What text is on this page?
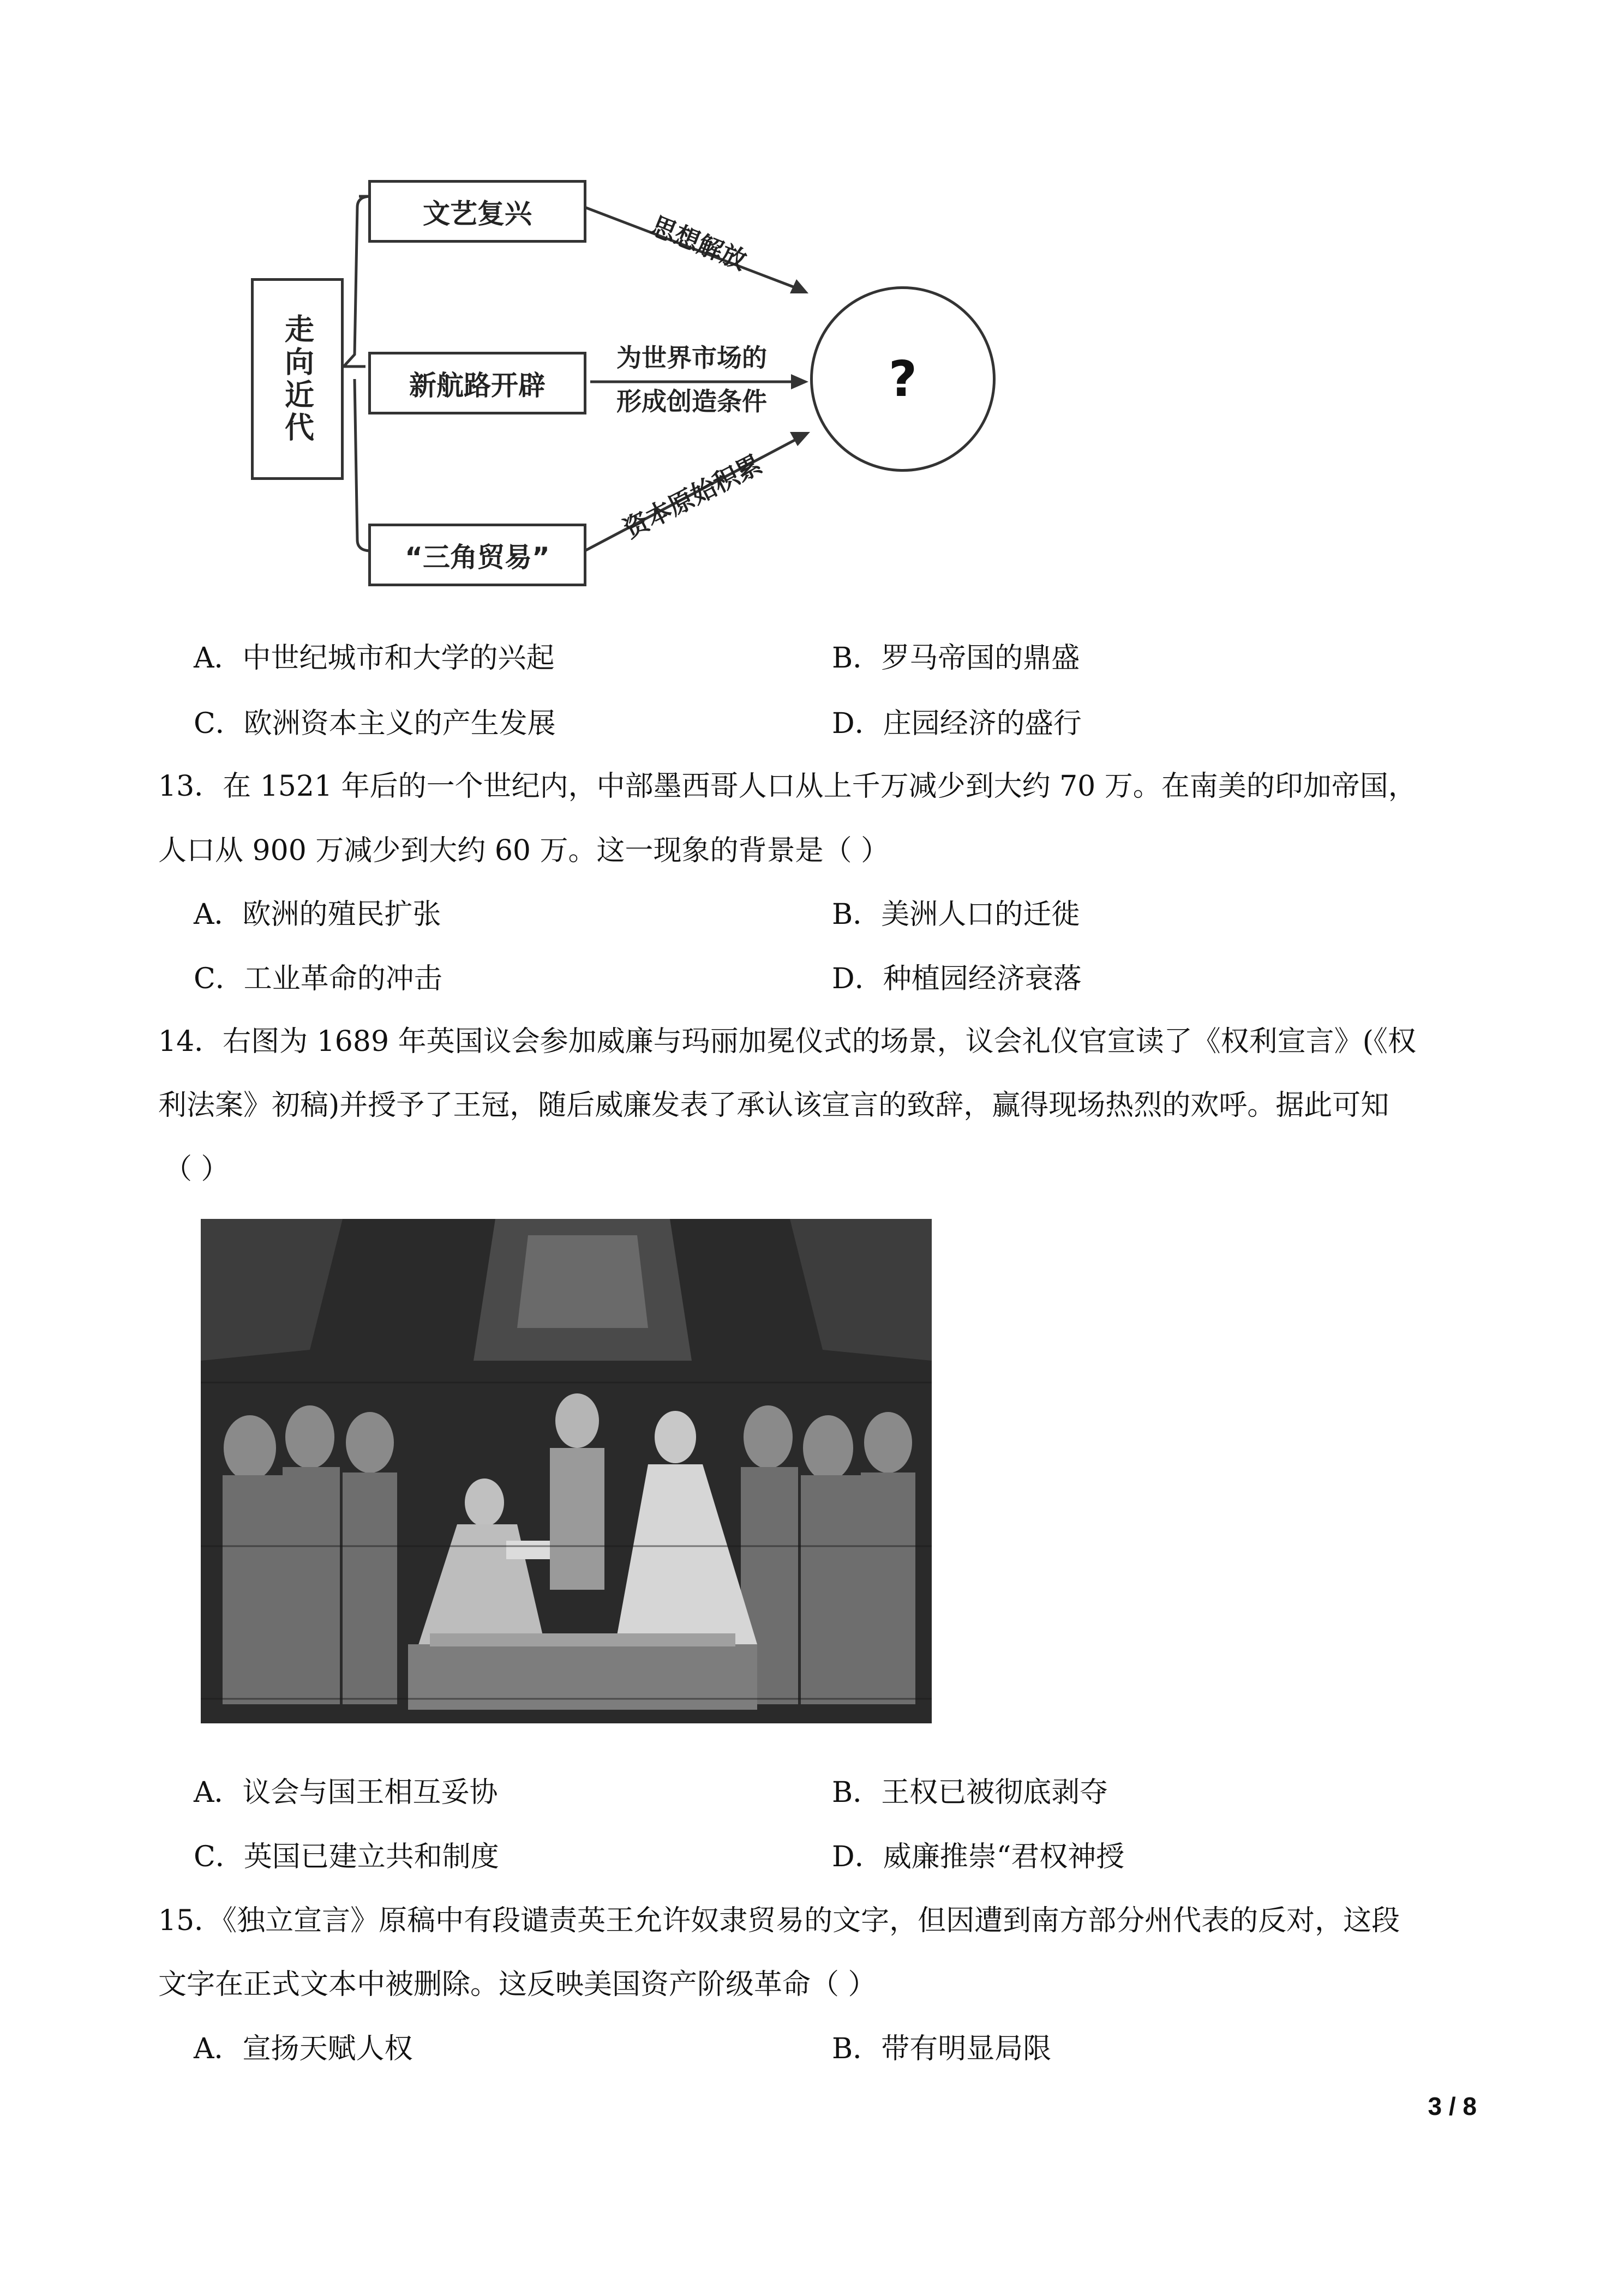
走向近代
文艺复兴
新航路开辟
“三角贸易”
思想解放
为世界市场的
形成创造条件
资本原始积累
?
A．中世纪城市和大学的兴起	B．罗马帝国的鼎盛
C．欧洲资本主义的产生发展	D．庄园经济的盛行
13．在 1521 年后的一个世纪内，中部墨西哥人口从上千万减少到大约 70 万。在南美的印加帝国，
人口从 900 万减少到大约 60 万。这一现象的背景是（ ）
A．欧洲的殖民扩张	B．美洲人口的迁徙
C．工业革命的冲击	D．种植园经济衰落
14．右图为 1689 年英国议会参加威廉与玛丽加冕仪式的场景，议会礼仪官宣读了《权利宣言》(《权
利法案》初稿)并授予了王冠，随后威廉发表了承认该宣言的致辞，赢得现场热烈的欢呼。据此可知
（ ）
A．议会与国王相互妥协	B．王权已被彻底剥夺
C．英国已建立共和制度	D．威廉推崇“君权神授
15．《独立宣言》原稿中有段谴责英王允许奴隶贸易的文字，但因遭到南方部分州代表的反对，这段
文字在正式文本中被删除。这反映美国资产阶级革命（ ）
A．宣扬天赋人权	B．带有明显局限
3 / 8
